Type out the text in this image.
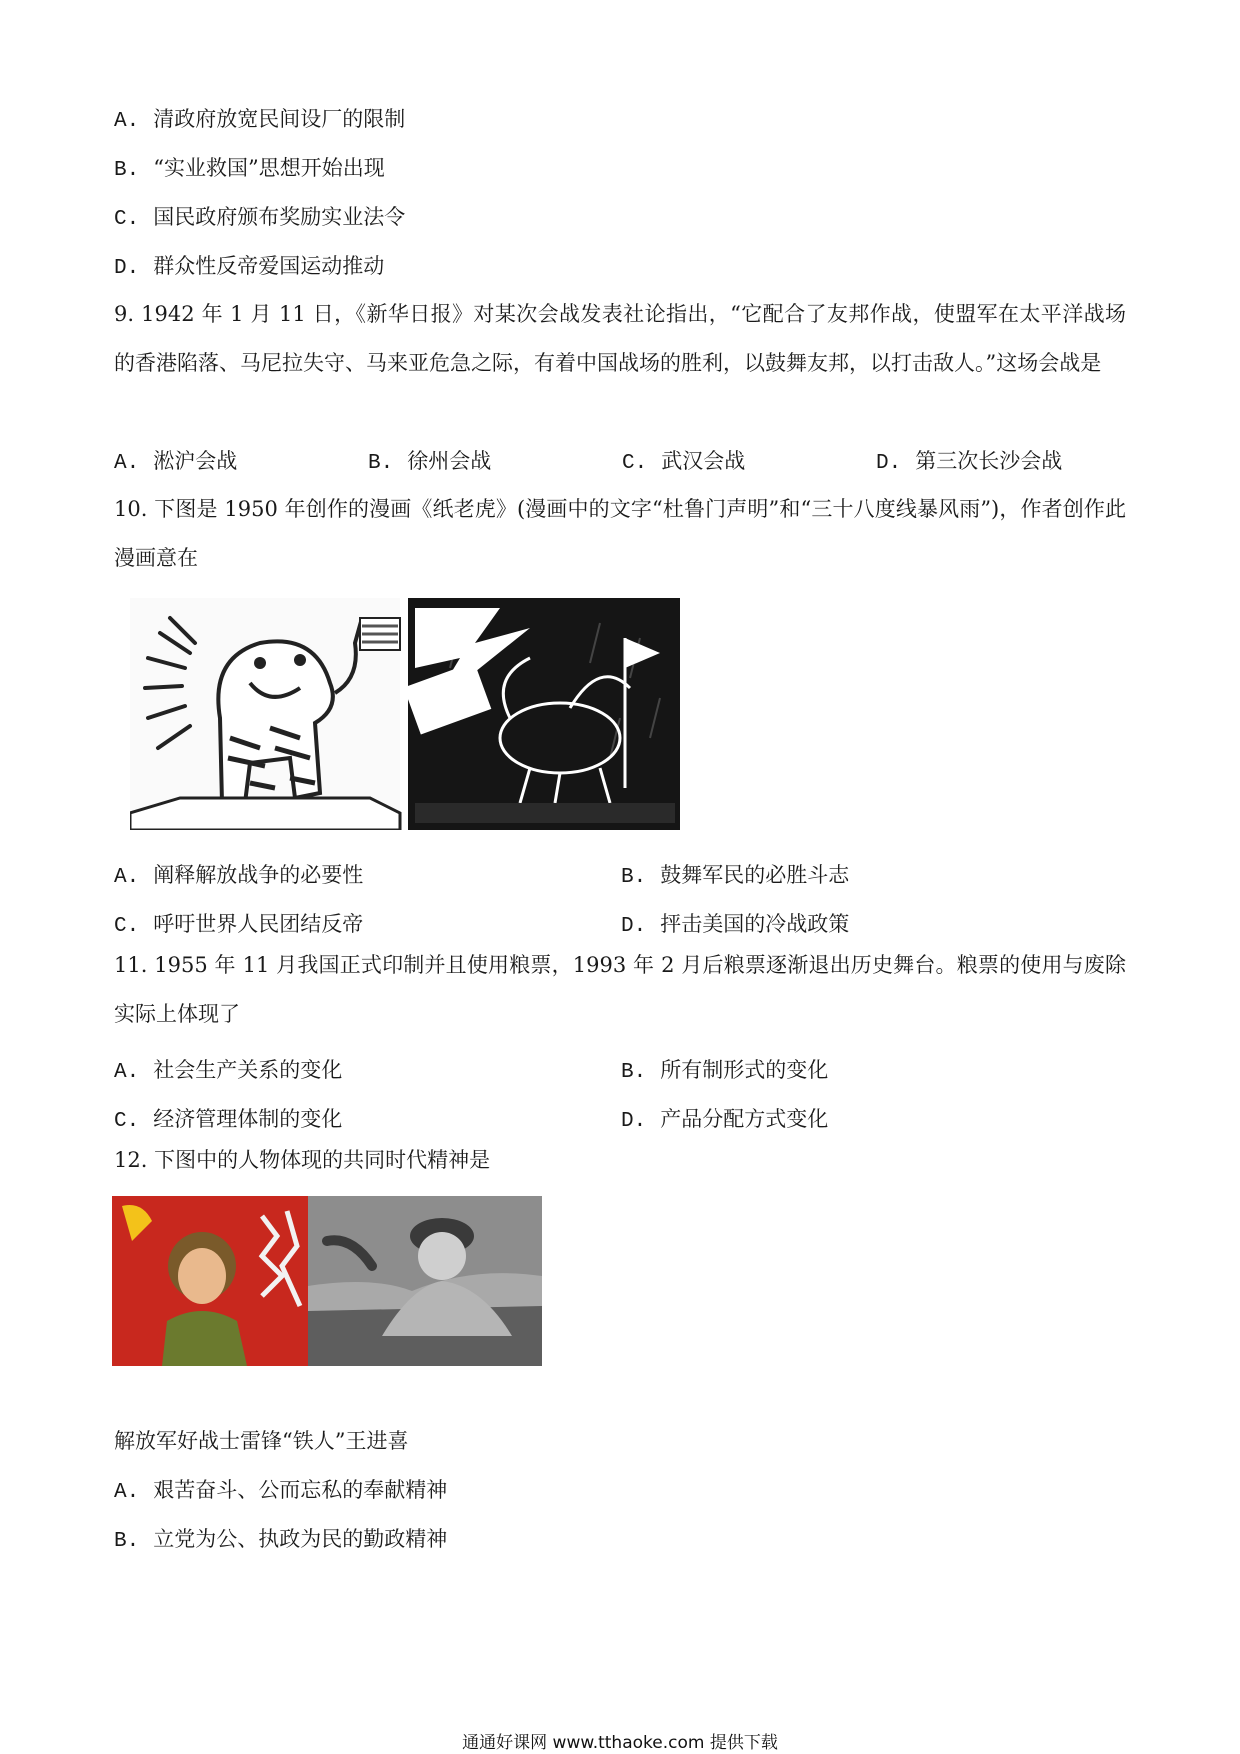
A. 清政府放宽民间设厂的限制
B. “实业救国”思想开始出现
C. 国民政府颁布奖励实业法令
D. 群众性反帝爱国运动推动
9. 1942 年 1 月 11 日，《新华日报》对某次会战发表社论指出，“它配合了友邦作战，使盟军在太平洋战场的香港陷落、马尼拉失守、马来亚危急之际，有着中国战场的胜利，以鼓舞友邦，以打击敌人。”这场会战是
A. 淞沪会战	B. 徐州会战	C. 武汉会战	D. 第三次长沙会战
10. 下图是 1950 年创作的漫画《纸老虎》(漫画中的文字“杜鲁门声明”和“三十八度线暴风雨”)，作者创作此漫画意在
A. 阐释解放战争的必要性	B. 鼓舞军民的必胜斗志
C. 呼吁世界人民团结反帝	D. 抨击美国的冷战政策
11. 1955 年 11 月我国正式印制并且使用粮票，1993 年 2 月后粮票逐渐退出历史舞台。粮票的使用与废除实际上体现了
A. 社会生产关系的变化	B. 所有制形式的变化
C. 经济管理体制的变化	D. 产品分配方式变化
12. 下图中的人物体现的共同时代精神是
解放军好战士雷锋“铁人”王进喜
A. 艰苦奋斗、公而忘私的奉献精神
B. 立党为公、执政为民的勤政精神
通通好课网 www.tthaoke.com 提供下载
